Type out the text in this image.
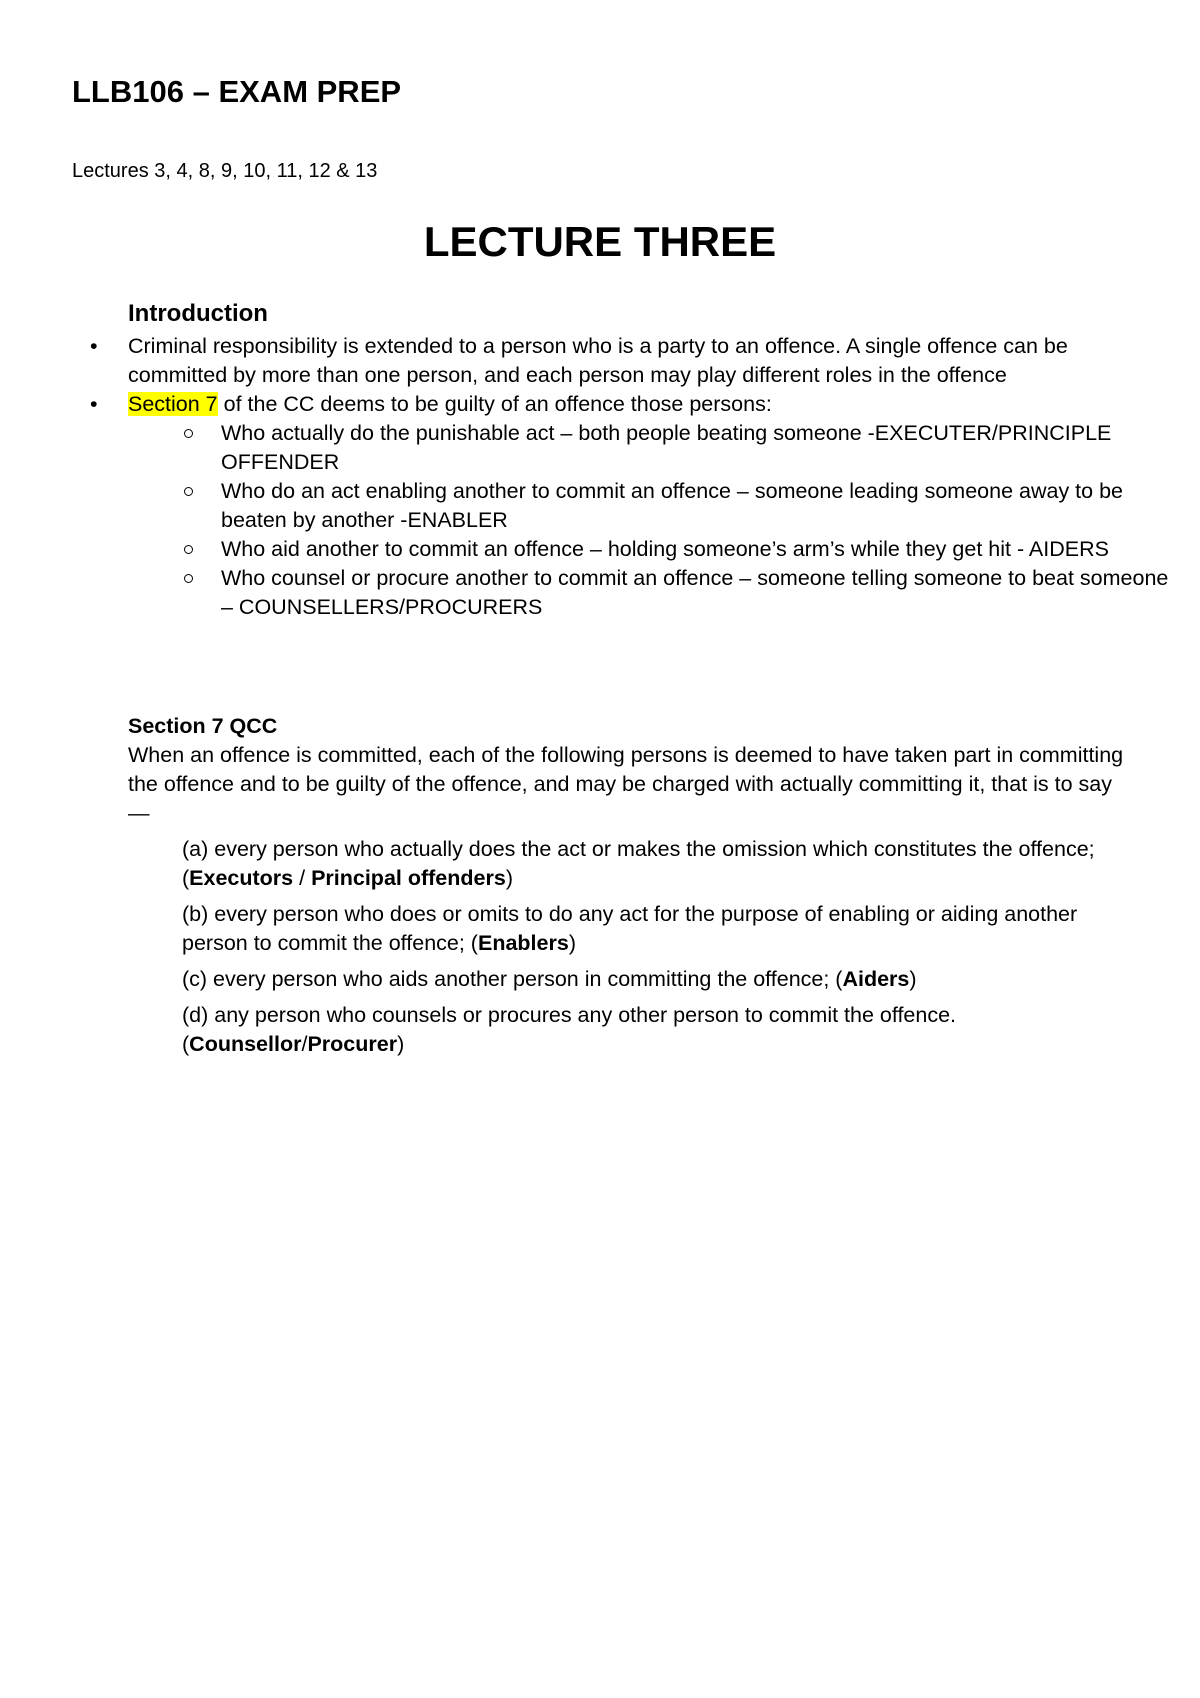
LLB106 – EXAM PREP

Lectures 3, 4, 8, 9, 10, 11, 12 & 13

LECTURE THREE
Introduction
• Criminal responsibility is extended to a person who is a party to an offence. A single offence can be committed by more than one person, and each person may play different roles in the offence
• Section 7 of the CC deems to be guilty of an offence those persons:
Who actually do the punishable act – both people beating someone -EXECUTER/PRINCIPLE OFFENDER
Who do an act enabling another to commit an offence – someone leading someone away to be beaten by another -ENABLER
Who aid another to commit an offence – holding someone’s arm’s while they get hit - AIDERS
Who counsel or procure another to commit an offence – someone telling someone to beat someone – COUNSELLERS/PROCURERS
Section 7 QCC

When an offence is committed, each of the following persons is deemed to have taken part in committing the offence and to be guilty of the offence, and may be charged with actually committing it, that is to say —

(a) every person who actually does the act or makes the omission which constitutes the offence; (Executors / Principal offenders)

(b) every person who does or omits to do any act for the purpose of enabling or aiding another person to commit the offence; (Enablers)

(c) every person who aids another person in committing the offence; (Aiders)

(d) any person who counsels or procures any other person to commit the offence. (Counsellor/Procurer)
